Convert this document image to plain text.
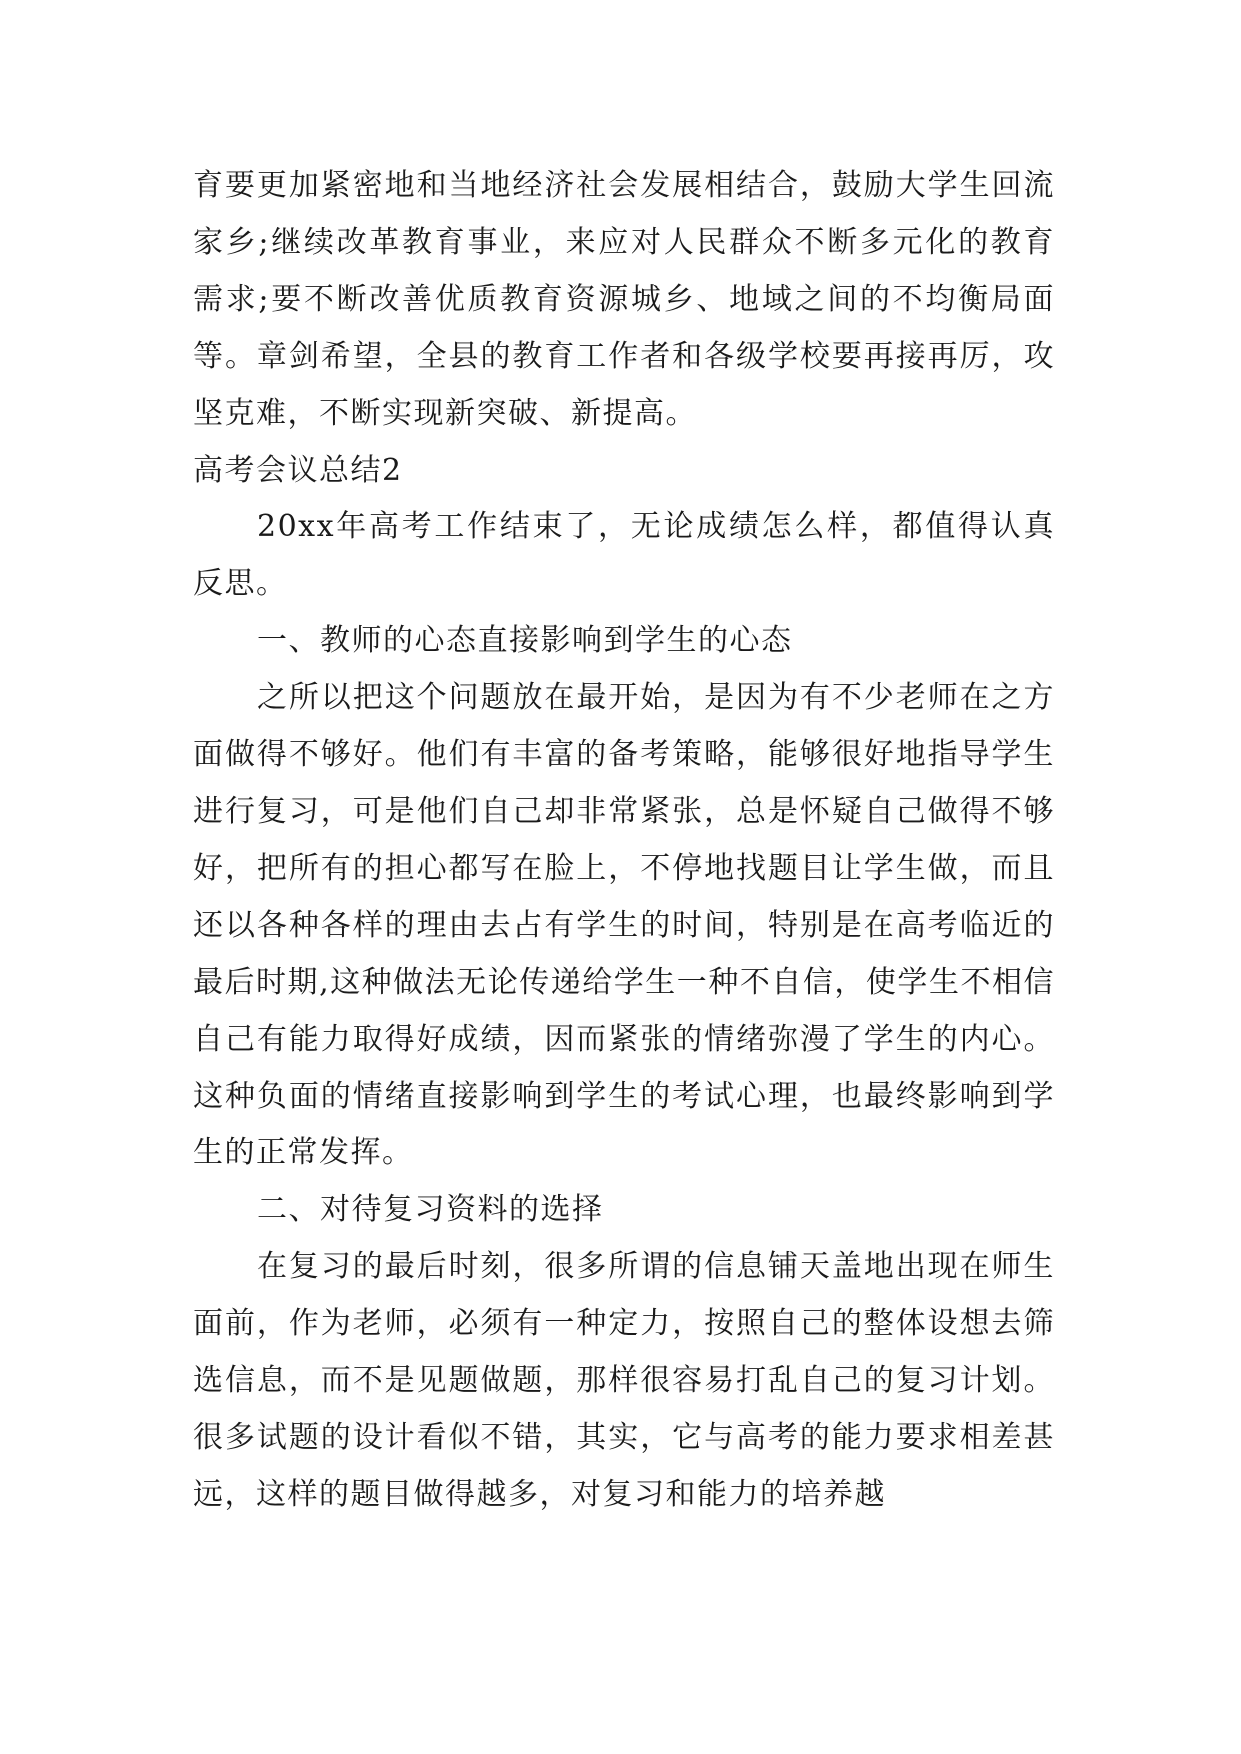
育要更加紧密地和当地经济社会发展相结合，鼓励大学生回流家乡;继续改革教育事业，来应对人民群众不断多元化的教育需求;要不断改善优质教育资源城乡、地域之间的不均衡局面等。章剑希望，全县的教育工作者和各级学校要再接再厉，攻坚克难，不断实现新突破、新提高。

高考会议总结2

20xx年高考工作结束了，无论成绩怎么样，都值得认真反思。

一、教师的心态直接影响到学生的心态

之所以把这个问题放在最开始，是因为有不少老师在之方面做得不够好。他们有丰富的备考策略，能够很好地指导学生进行复习，可是他们自己却非常紧张，总是怀疑自己做得不够好，把所有的担心都写在脸上，不停地找题目让学生做，而且还以各种各样的理由去占有学生的时间，特别是在高考临近的最后时期,这种做法无论传递给学生一种不自信，使学生不相信自己有能力取得好成绩，因而紧张的情绪弥漫了学生的内心。这种负面的情绪直接影响到学生的考试心理，也最终影响到学生的正常发挥。

二、对待复习资料的选择

在复习的最后时刻，很多所谓的信息铺天盖地出现在师生面前，作为老师，必须有一种定力，按照自己的整体设想去筛选信息，而不是见题做题，那样很容易打乱自己的复习计划。很多试题的设计看似不错，其实，它与高考的能力要求相差甚远，这样的题目做得越多，对复习和能力的培养越
